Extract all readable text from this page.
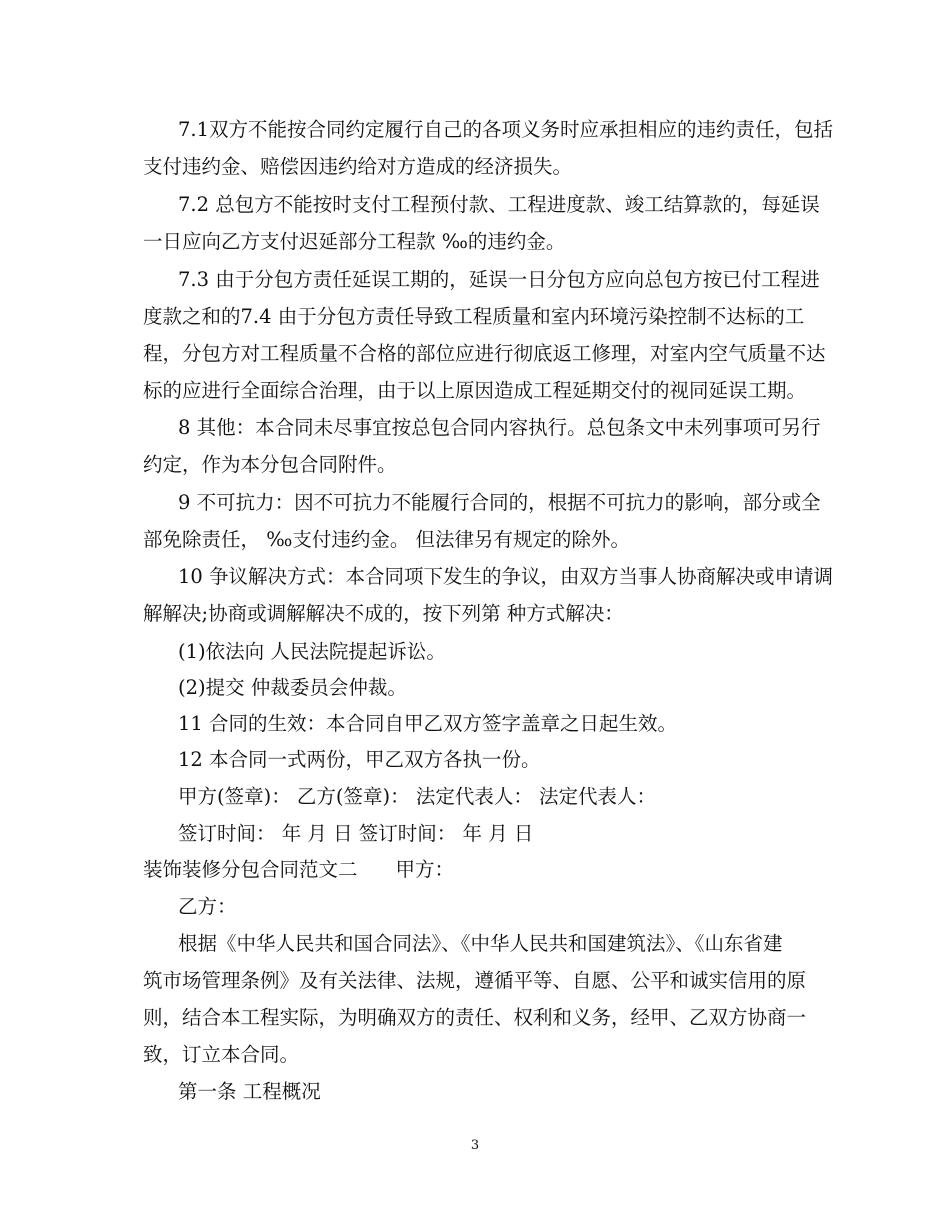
7.1双方不能按合同约定履行自己的各项义务时应承担相应的违约责任，包括
支付违约金、赔偿因违约给对方造成的经济损失。
7.2 总包方不能按时支付工程预付款、工程进度款、竣工结算款的，每延误
一日应向乙方支付迟延部分工程款 ‰的违约金。
7.3 由于分包方责任延误工期的，延误一日分包方应向总包方按已付工程进
度款之和的7.4 由于分包方责任导致工程质量和室内环境污染控制不达标的工
程，分包方对工程质量不合格的部位应进行彻底返工修理，对室内空气质量不达
标的应进行全面综合治理，由于以上原因造成工程延期交付的视同延误工期。
8 其他：本合同未尽事宜按总包合同内容执行。总包条文中未列事项可另行
约定，作为本分包合同附件。
9 不可抗力：因不可抗力不能履行合同的，根据不可抗力的影响，部分或全
部免除责任， ‰支付违约金。 但法律另有规定的除外。
10 争议解决方式：本合同项下发生的争议，由双方当事人协商解决或申请调
解解决;协商或调解解决不成的，按下列第 种方式解决：
(1)依法向 人民法院提起诉讼。
(2)提交 仲裁委员会仲裁。
11 合同的生效：本合同自甲乙双方签字盖章之日起生效。
12 本合同一式两份，甲乙双方各执一份。
甲方(签章)： 乙方(签章)： 法定代表人： 法定代表人：
签订时间： 年 月 日 签订时间： 年 月 日
装饰装修分包合同范文二 甲方：
乙方：
根据《中华人民共和国合同法》、《中华人民共和国建筑法》、《山东省建
筑市场管理条例》及有关法律、法规，遵循平等、自愿、公平和诚实信用的原
则，结合本工程实际，为明确双方的责任、权利和义务，经甲、乙双方协商一
致，订立本合同。
第一条 工程概况
3
